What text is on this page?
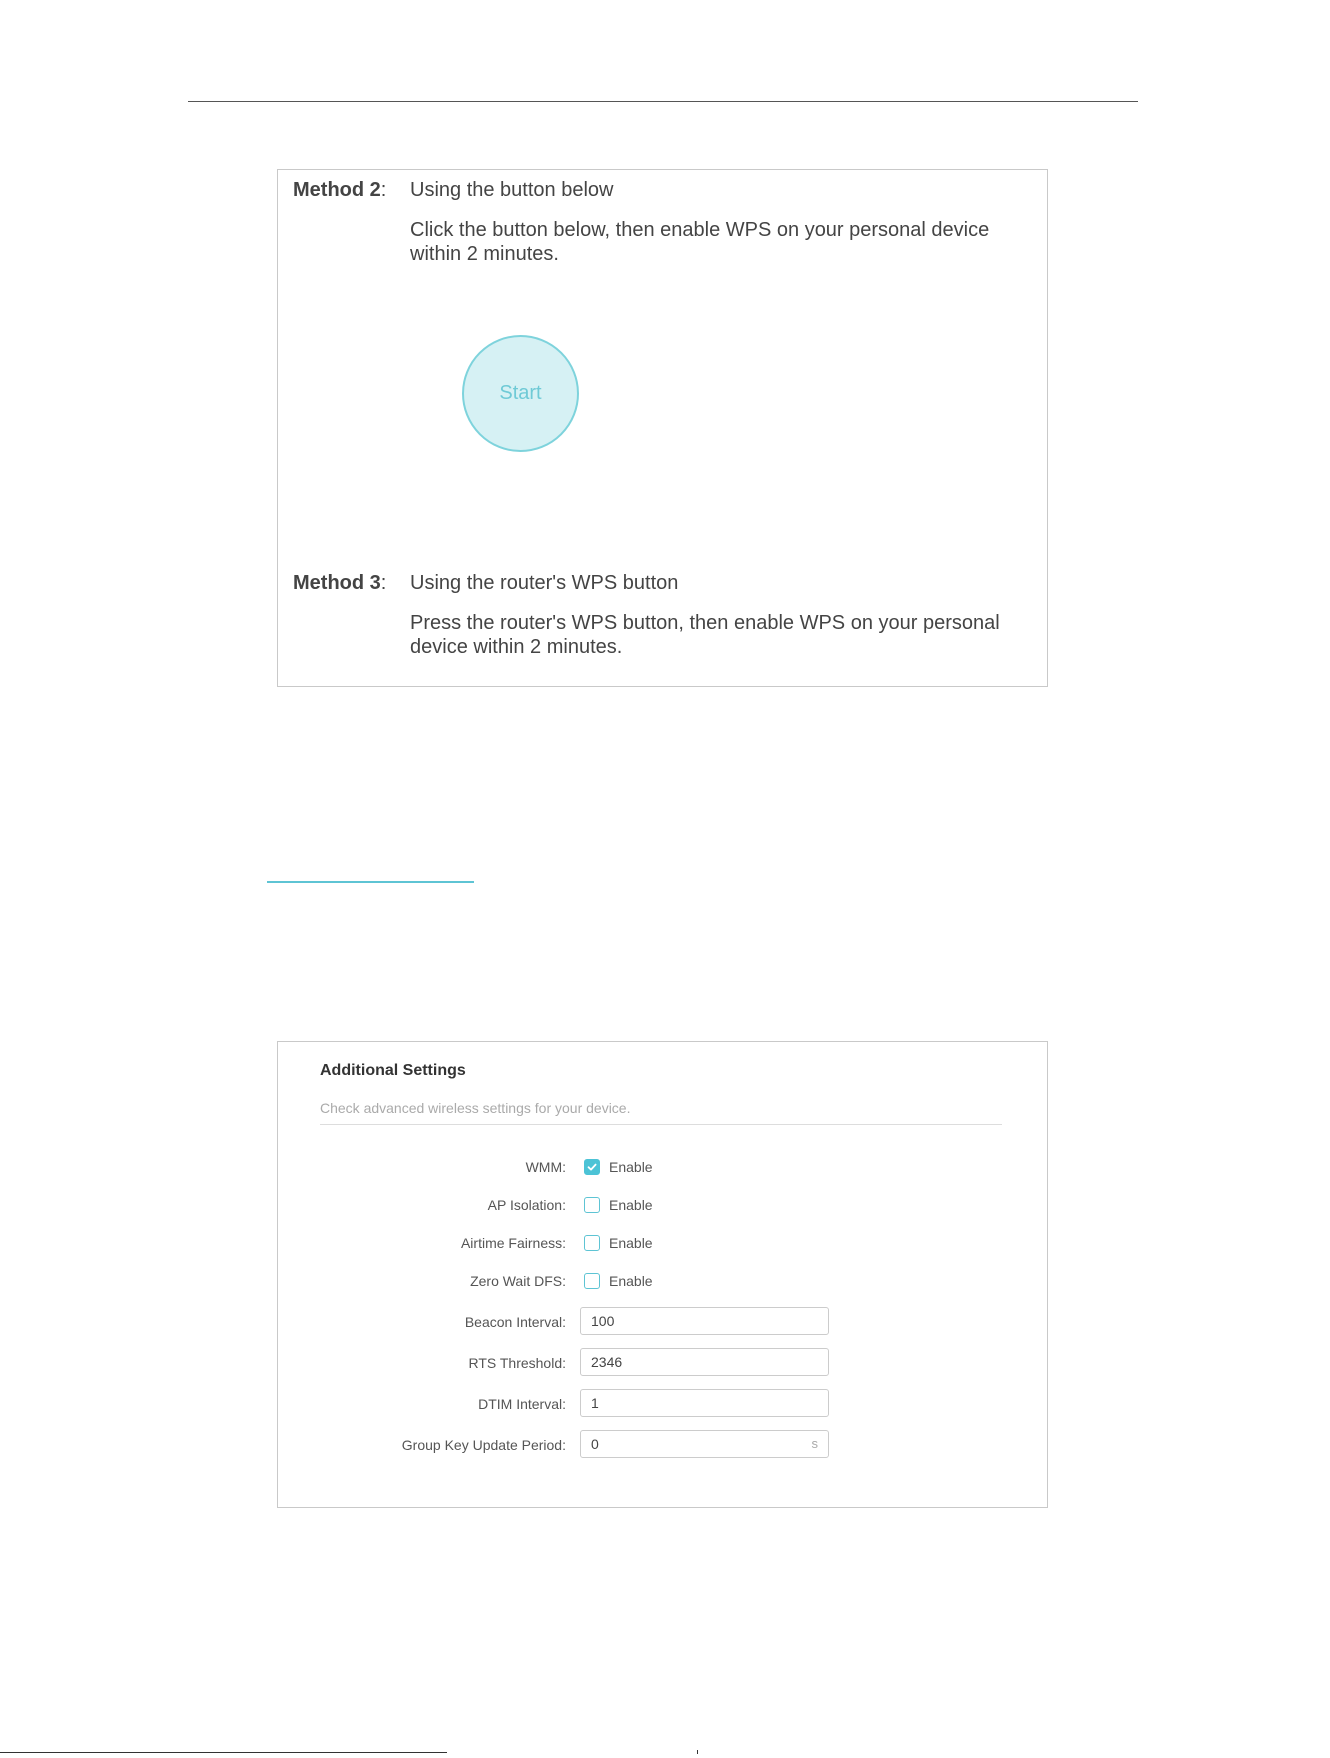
Method 2: Using the button below
Click the button below, then enable WPS on your personal device within 2 minutes.
Start
Method 3: Using the router's WPS button
Press the router's WPS button, then enable WPS on your personal device within 2 minutes.
Additional Settings
Check advanced wireless settings for your device.
WMM:	Enable
AP Isolation:	Enable
Airtime Fairness:	Enable
Zero Wait DFS:	Enable
Beacon Interval: 100
RTS Threshold: 2346
DTIM Interval: 1
Group Key Update Period: 0	s
